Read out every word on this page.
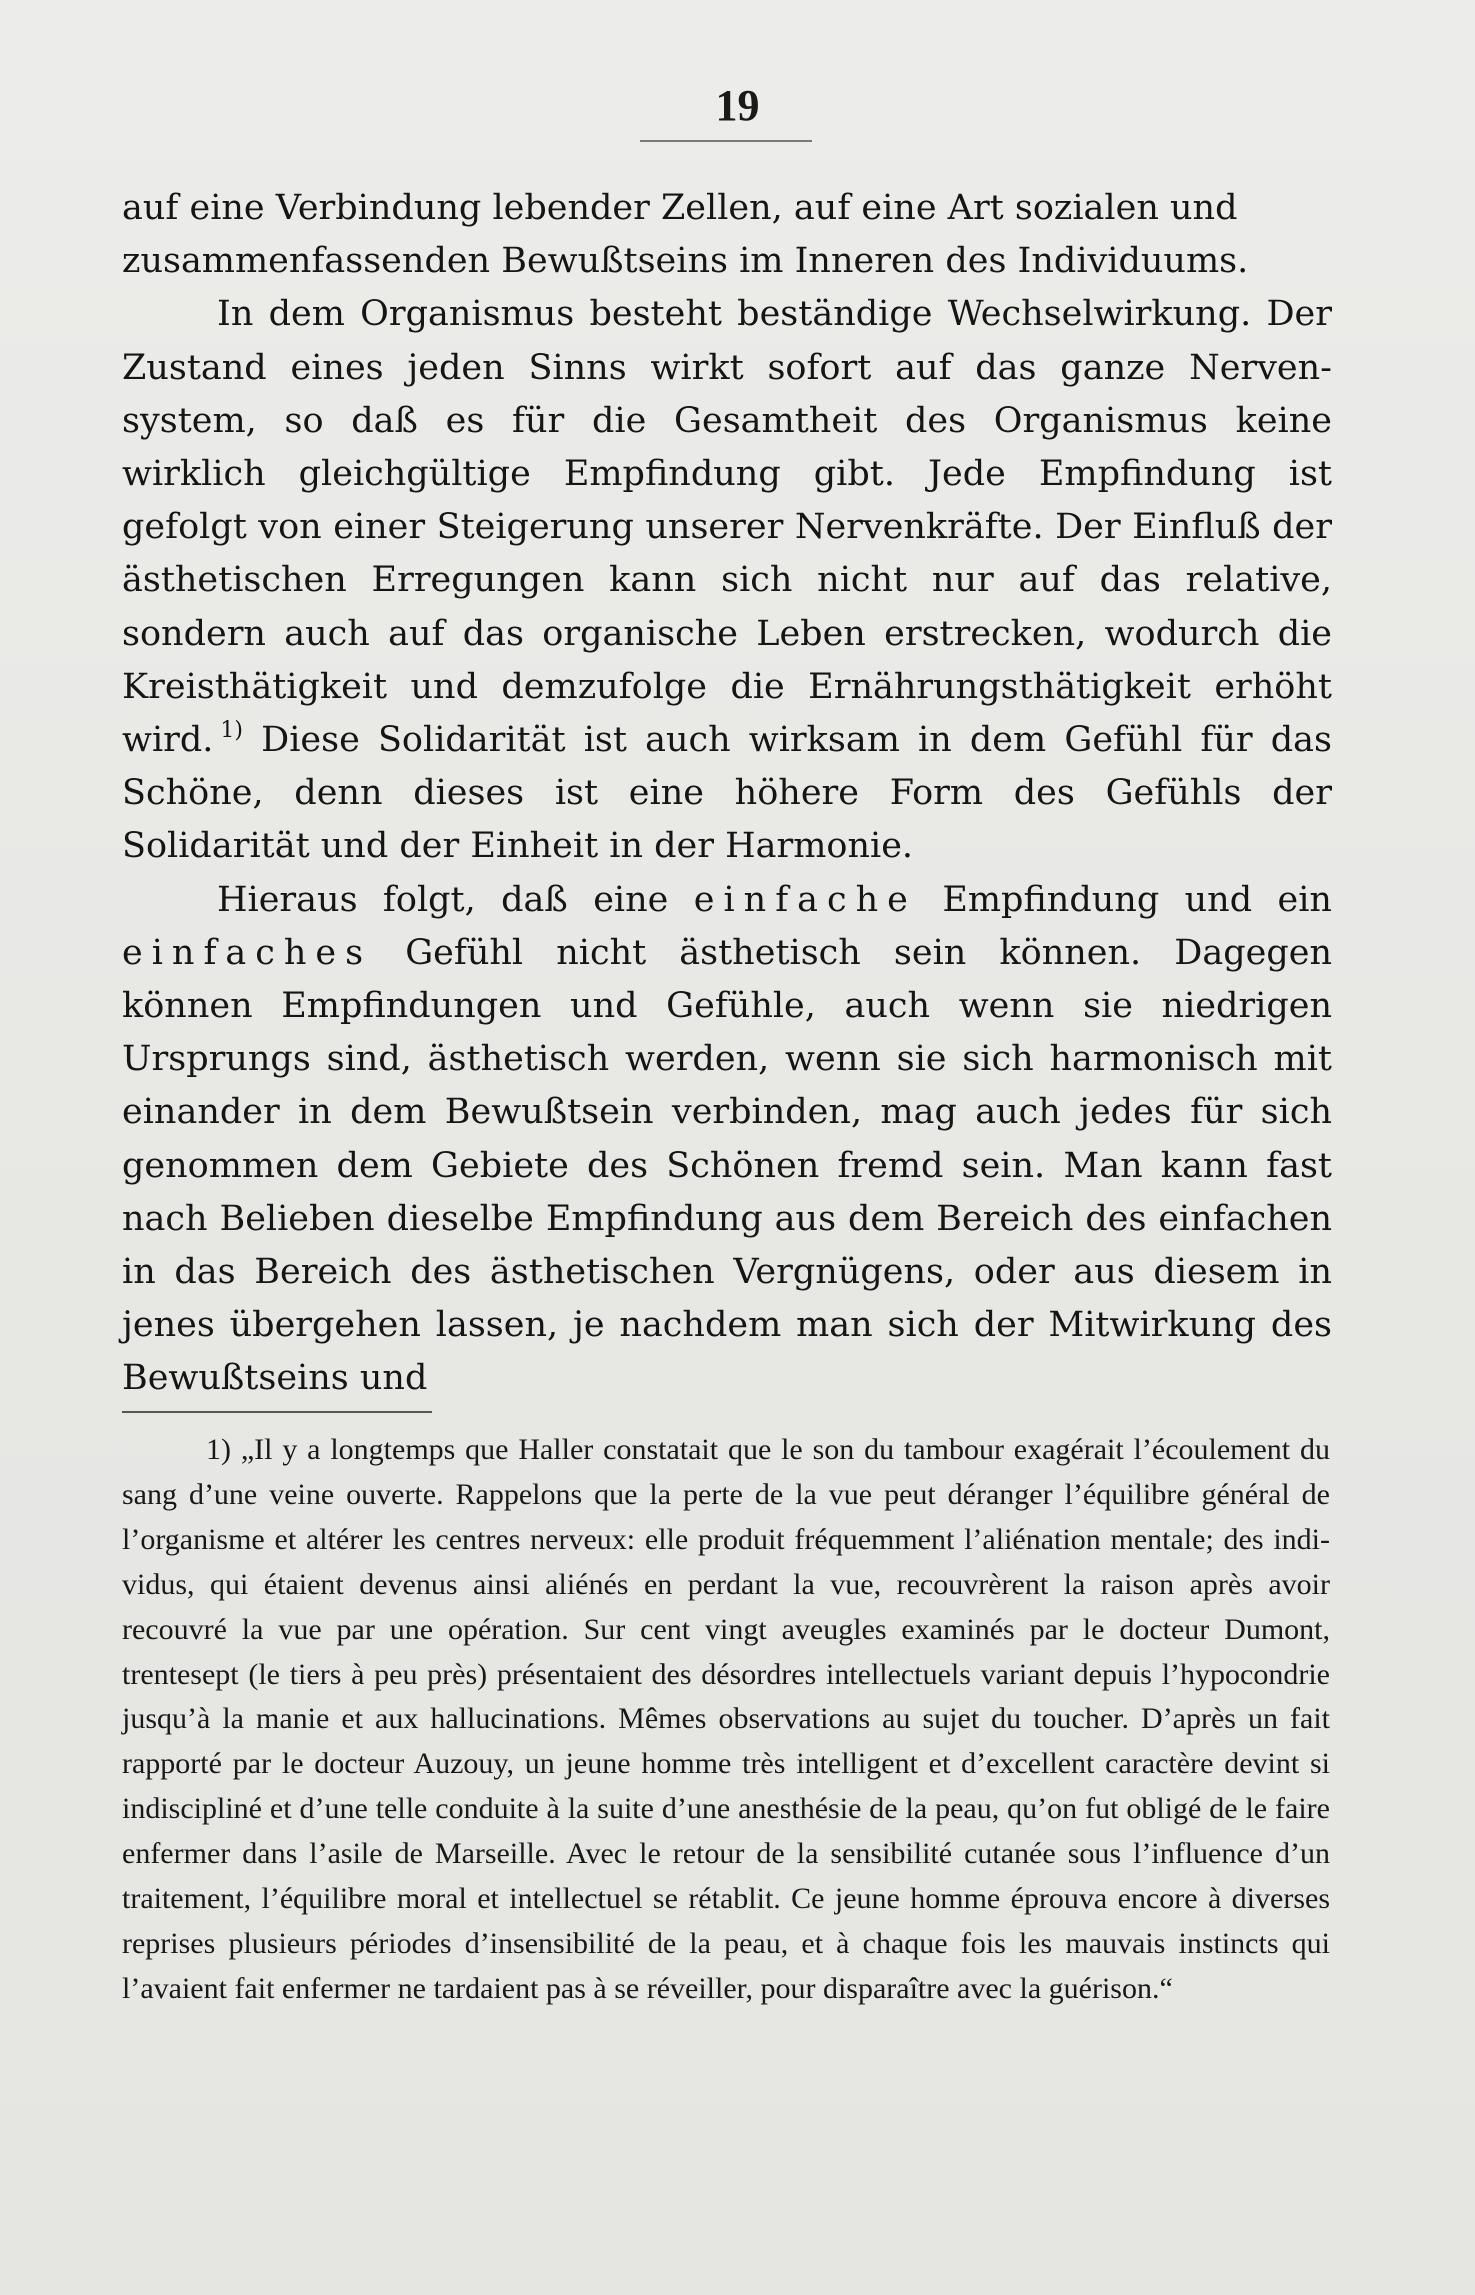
19

auf eine Verbindung lebender Zellen, auf eine Art sozialen und
zusammenfassenden Bewußtseins im Inneren des Individuums.

In dem Organismus besteht beständige Wechselwirkung. Der Zustand eines jeden Sinns wirkt sofort auf das ganze Nervensystem, so daß es für die Gesamtheit des Organismus keine wirklich gleichgültige Empfindung gibt. Jede Empfindung ist gefolgt von einer Steigerung unserer Nervenkräfte. Der Einfluß der ästhetischen Erregungen kann sich nicht nur auf das relative, sondern auch auf das organische Leben erstrecken, wodurch die Kreisthätigkeit und demzufolge die Ernährungsthätigkeit erhöht wird.  $^{1)}$ Diese Solidarität ist auch wirksam in dem Gefühl für das Schöne, denn dieses ist eine höhere Form des Gefühls der Solidarität und der Einheit in der Harmonie.

Hieraus folgt, daß eine einfache Empfindung und ein einfaches Gefühl nicht ästhetisch sein können. Dagegen können Empfindungen und Gefühle, auch wenn sie niedrigen Ursprungs sind, ästhetisch werden, wenn sie sich harmonisch mit einander in dem Bewußtsein verbinden, mag auch jedes für sich genommen dem Gebiete des Schönen fremd sein. Man kann fast nach Belieben dieselbe Empfindung aus dem Bereich des einfachen in das Bereich des ästhetischen Vergnügens, oder aus diesem in jenes übergehen lassen, je nachdem man sich der Mitwirkung des Bewußtseins und

1) „Il y a longtemps que Haller constatait que le son du tambour exagérait l’écoulement du sang d’une veine ouverte. Rappelons que la perte de la vue peut déranger l’équilibre général de l’organisme et altérer les centres nerveux: elle produit fréquemment l’aliénation mentale; des individus, qui étaient devenus ainsi aliénés en perdant la vue, recouvrèrent la raison après avoir recouvré la vue par une opération. Sur cent vingt aveugles examinés par le docteur Dumont, trentesept (le tiers à peu près) présentaient des désordres intellectuels variant depuis l’hypocondrie jusqu’à la manie et aux hallucinations. Mêmes observations au sujet du toucher. D’après un fait rapporté par le docteur Auzouy, un jeune homme très intelligent et d’excellent caractère devint si indiscipliné et d’une telle conduite à la suite d’une anesthésie de la peau, qu’on fut obligé de le faire enfermer dans l’asile de Marseille. Avec le retour de la sensibilité cutanée sous l’influence d’un traitement, l’équilibre moral et intellectuel se rétablit. Ce jeune homme éprouva encore à diverses reprises plusieurs périodes d’insensibilité de la peau, et à chaque fois les mauvais instincts qui l’avaient fait enfermer ne tardaient pas à se réveiller, pour disparaître avec la guérison.“
